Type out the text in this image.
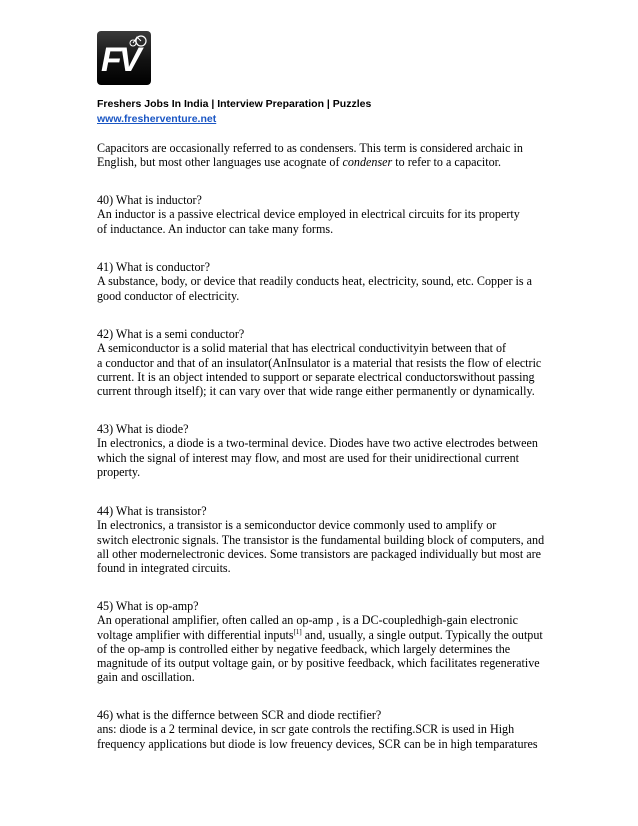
FV
Freshers Jobs In India | Interview Preparation | Puzzles
www.fresherventure.net

Capacitors are occasionally referred to as condensers. This term is considered archaic in

English, but most other languages use acognate of condenser to refer to a capacitor.

40) What is inductor?

An inductor is a passive electrical device employed in electrical circuits for its property

of inductance. An inductor can take many forms.

41) What is conductor?

A substance, body, or device that readily conducts heat, electricity, sound, etc. Copper is a

good conductor of electricity.

42) What is a semi conductor?

A semiconductor is a solid material that has electrical conductivityin between that of

a conductor and that of an insulator(AnInsulator is a material that resists the flow of electric

current. It is an object intended to support or separate electrical conductorswithout passing

current through itself); it can vary over that wide range either permanently or dynamically.

43) What is diode?

In electronics, a diode is a two-terminal device. Diodes have two active electrodes between

which the signal of interest may flow, and most are used for their unidirectional current

property.

44) What is transistor?

In electronics, a transistor is a semiconductor device commonly used to amplify or

switch electronic signals. The transistor is the fundamental building block of computers, and

all other modernelectronic devices. Some transistors are packaged individually but most are

found in integrated circuits.

45) What is op-amp?

An operational amplifier, often called an op-amp , is a DC-coupledhigh-gain electronic

voltage amplifier with differential inputs[1] and, usually, a single output. Typically the output

of the op-amp is controlled either by negative feedback, which largely determines the

magnitude of its output voltage gain, or by positive feedback, which facilitates regenerative

gain and oscillation.

46) what is the differnce between SCR and diode rectifier?

ans: diode is a 2 terminal device, in scr gate controls the rectifing.SCR is used in High

frequency applications but diode is low freuency devices, SCR can be in high temparatures
